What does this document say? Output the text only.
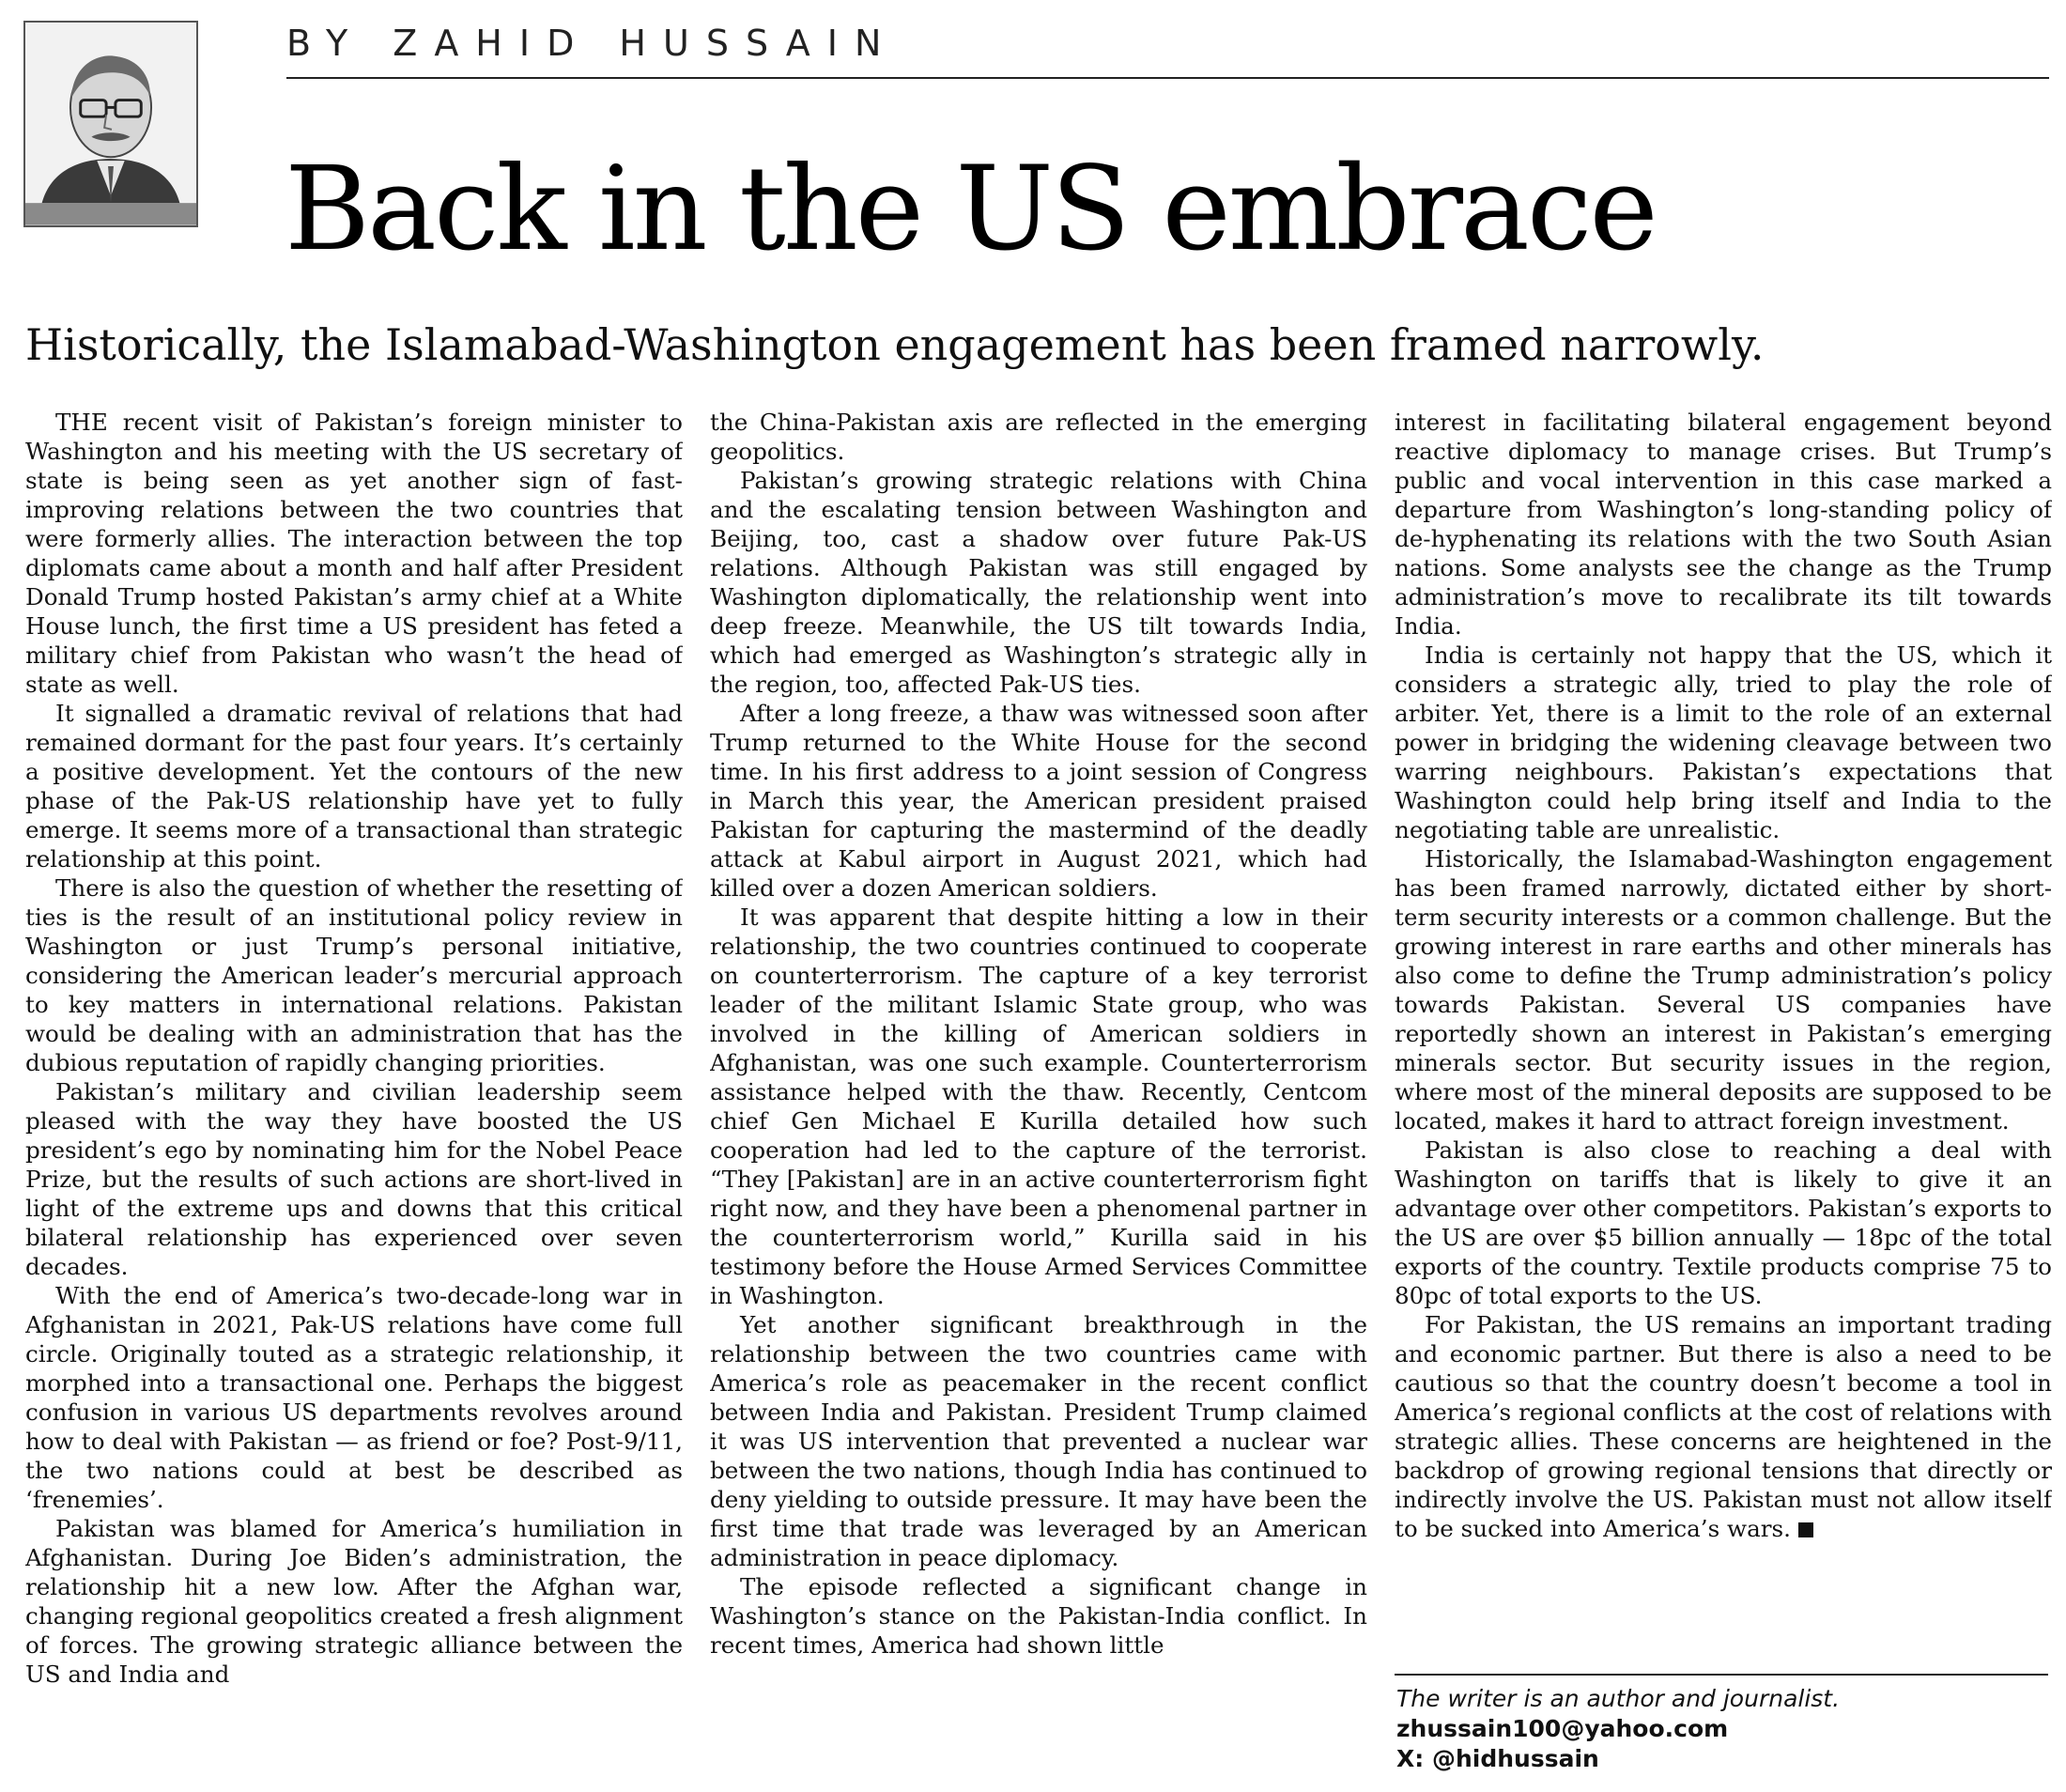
BY ZAHID HUSSAIN
Back in the US embrace
Historically, the Islamabad-Washington engagement has been framed narrowly.

THE recent visit of Pakistan’s foreign minister to Washington and his meeting with the US secretary of state is being seen as yet another sign of fast-improving relations between the two countries that were formerly allies. The interaction between the top diplomats came about a month and half after President Donald Trump hosted Pakistan’s army chief at a White House lunch, the first time a US president has feted a military chief from Pakistan who wasn’t the head of state as well.

It signalled a dramatic revival of relations that had remained dormant for the past four years. It’s certainly a positive development. Yet the contours of the new phase of the Pak-US relationship have yet to fully emerge. It seems more of a transactional than strategic relationship at this point.

There is also the question of whether the resetting of ties is the result of an institutional policy review in Washington or just Trump’s personal initiative, considering the American leader’s mercurial approach to key matters in international relations. Pakistan would be dealing with an administration that has the dubious reputation of rapidly changing priorities.

Pakistan’s military and civilian leadership seem pleased with the way they have boosted the US president’s ego by nominating him for the Nobel Peace Prize, but the results of such actions are short-lived in light of the extreme ups and downs that this critical bilateral relationship has experienced over seven decades.

With the end of America’s two-decade-long war in Afghanistan in 2021, Pak-US relations have come full circle. Originally touted as a strategic relationship, it morphed into a transactional one. Perhaps the biggest confusion in various US departments revolves around how to deal with Pakistan — as friend or foe? Post-9/11, the two nations could at best be described as ‘frenemies’.

Pakistan was blamed for America’s humiliation in Afghanistan. During Joe Biden’s administration, the relationship hit a new low. After the Afghan war, changing regional geopolitics created a fresh alignment of forces. The growing strategic alliance between the US and India and

the China-Pakistan axis are reflected in the emerging geopolitics.

Pakistan’s growing strategic relations with China and the escalating tension between Washington and Beijing, too, cast a shadow over future Pak-US relations. Although Pakistan was still engaged by Washington diplomatically, the relationship went into deep freeze. Meanwhile, the US tilt towards India, which had emerged as Washington’s strategic ally in the region, too, affected Pak-US ties.

After a long freeze, a thaw was witnessed soon after Trump returned to the White House for the second time. In his first address to a joint session of Congress in March this year, the American president praised Pakistan for capturing the mastermind of the deadly attack at Kabul airport in August 2021, which had killed over a dozen American soldiers.

It was apparent that despite hitting a low in their relationship, the two countries continued to cooperate on counterterrorism. The capture of a key terrorist leader of the militant Islamic State group, who was involved in the killing of American soldiers in Afghanistan, was one such example. Counterterrorism assistance helped with the thaw. Recently, Centcom chief Gen Michael E Kurilla detailed how such cooperation had led to the capture of the terrorist. “They [Pakistan] are in an active counterterrorism fight right now, and they have been a phenomenal partner in the counterterrorism world,” Kurilla said in his testimony before the House Armed Services Committee in Washington.

Yet another significant breakthrough in the relationship between the two countries came with America’s role as peacemaker in the recent conflict between India and Pakistan. President Trump claimed it was US intervention that prevented a nuclear war between the two nations, though India has continued to deny yielding to outside pressure. It may have been the first time that trade was leveraged by an American administration in peace diplomacy.

The episode reflected a significant change in Washington’s stance on the Pakistan-India conflict. In recent times, America had shown little

interest in facilitating bilateral engagement beyond reactive diplomacy to manage crises. But Trump’s public and vocal intervention in this case marked a departure from Washington’s long-standing policy of de-hyphenating its relations with the two South Asian nations. Some analysts see the change as the Trump administration’s move to recalibrate its tilt towards India.

India is certainly not happy that the US, which it considers a strategic ally, tried to play the role of arbiter. Yet, there is a limit to the role of an external power in bridging the widening cleavage between two warring neighbours. Pakistan’s expectations that Washington could help bring itself and India to the negotiating table are unrealistic.

Historically, the Islamabad-Washington engagement has been framed narrowly, dictated either by short-term security interests or a common challenge. But the growing interest in rare earths and other minerals has also come to define the Trump administration’s policy towards Pakistan. Several US companies have reportedly shown an interest in Pakistan’s emerging minerals sector. But security issues in the region, where most of the mineral deposits are supposed to be located, makes it hard to attract foreign investment.

Pakistan is also close to reaching a deal with Washington on tariffs that is likely to give it an advantage over other competitors. Pakistan’s exports to the US are over $5 billion annually — 18pc of the total exports of the country. Textile products comprise 75 to 80pc of total exports to the US.

For Pakistan, the US remains an important trading and economic partner. But there is also a need to be cautious so that the country doesn’t become a tool in America’s regional conflicts at the cost of relations with strategic allies. These concerns are heightened in the backdrop of growing regional tensions that directly or indirectly involve the US. Pakistan must not allow itself to be sucked into America’s wars.

The writer is an author and journalist.
zhussain100@yahoo.com
X: @hidhussain
